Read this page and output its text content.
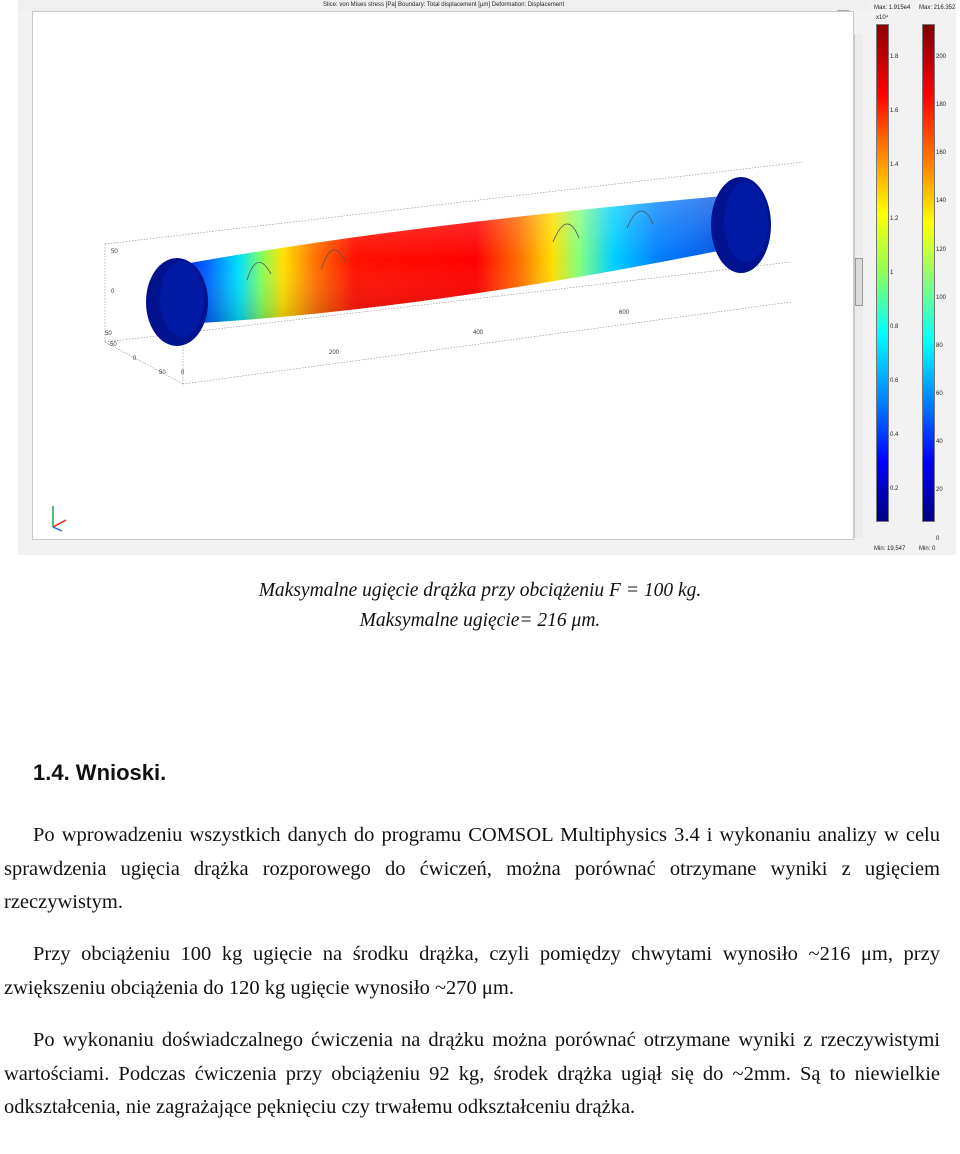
Slice: von Mises stress [Pa] Boundary: Total displacement [µm] Deformation: Displacement
50
0
50
-50
0
50	0
200
400
600
Max: 1.915e4 Max: 216.352
x10⁴
1.8
1.6
1.4
1.2
1
0.8
0.6
0.4
0.2
200
180
160
140
120
100
80
60
40
20
0
Min: 19.547 Min: 0
Maksymalne ugięcie drążka przy obciążeniu F = 100 kg.
Maksymalne ugięcie= 216 μm.
1.4. Wnioski.

Po wprowadzeniu wszystkich danych do programu COMSOL Multiphysics 3.4 i wykonaniu analizy w celu sprawdzenia ugięcia drążka rozporowego do ćwiczeń, można porównać otrzymane wyniki z ugięciem rzeczywistym.

Przy obciążeniu 100 kg ugięcie na środku drążka, czyli pomiędzy chwytami wynosiło ~216 μm, przy zwiększeniu obciążenia do 120 kg ugięcie wynosiło ~270 μm.

Po wykonaniu doświadczalnego ćwiczenia na drążku można porównać otrzymane wyniki z rzeczywistymi wartościami. Podczas ćwiczenia przy obciążeniu 92 kg, środek drążka ugiął się do ~2mm. Są to niewielkie odkształcenia, nie zagrażające pęknięciu czy trwałemu odkształceniu drążka.
